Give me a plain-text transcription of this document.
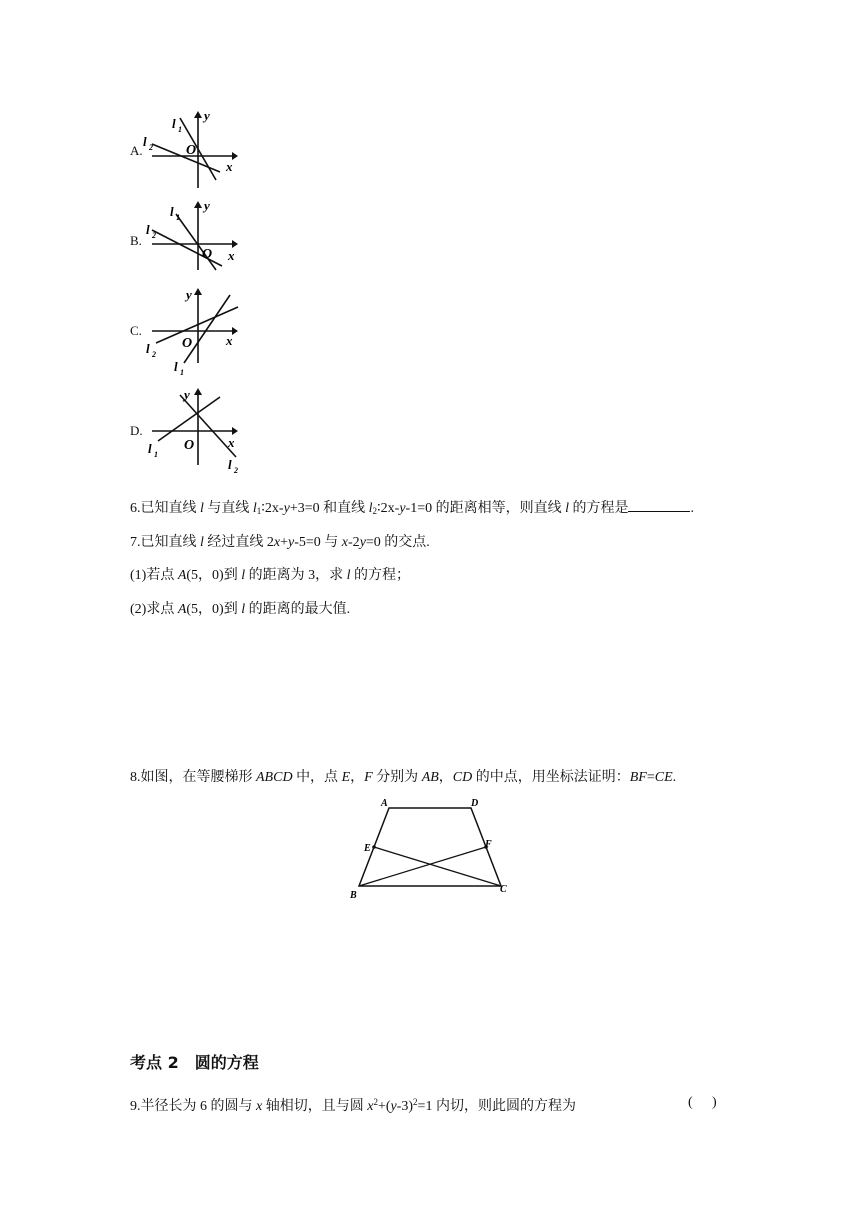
A.
y
x
O
l 1
l 2
B.
y
x
O
l 1
l 2
C.
y
x
O
l 1
l 2
D.
y
x
O
l 1
l 2
6.已知直线 l 与直线 $l_1∶2x-y+3=0$ 和直线 $l_2∶2x-y-1=0$ 的距离相等，则直线 l 的方程是	.
7.已知直线 l 经过直线 2x+y-5=0 与 x-2y=0 的交点.
(1)若点 A(5，0)到 l 的距离为 3，求 l 的方程；
(2)求点 A(5，0)到 l 的距离的最大值.
8.如图，在等腰梯形 ABCD 中，点 E，F 分别为 AB，CD 的中点，用坐标法证明：BF=CE.
A	D
B
C
E	F
考点 2 圆的方程
9.半径长为 6 的圆与 x 轴相切，且与圆 $x^2+(y-3)^2=1$ 内切，则此圆的方程为	( )
